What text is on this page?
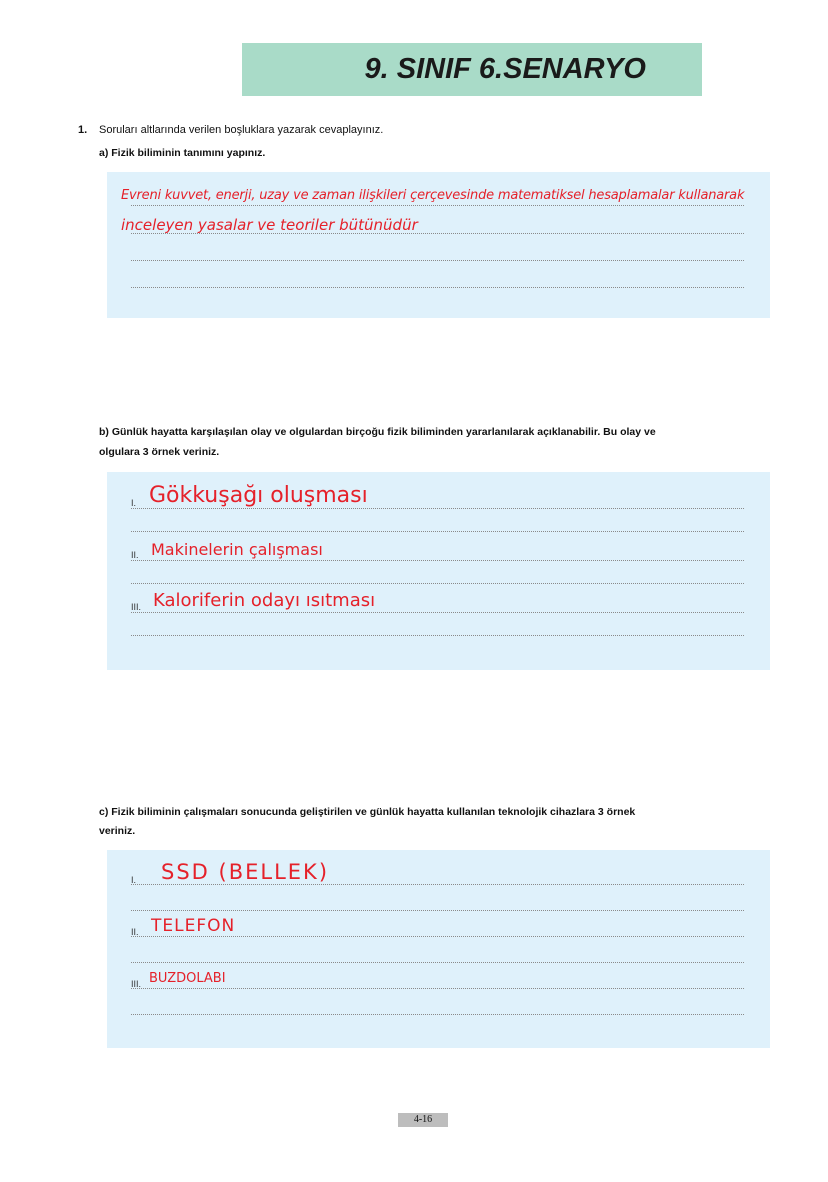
9. SINIF 6.SENARYO
1. Soruları altlarında verilen boşluklara yazarak cevaplayınız.
a) Fizik biliminin tanımını yapınız.
Evreni kuvvet, enerji, uzay ve zaman ilişkileri çerçevesinde matematiksel hesaplamalar kullanarak
inceleyen yasalar ve teoriler bütünüdür
b) Günlük hayatta karşılaşılan olay ve olgulardan birçoğu fizik biliminden yararlanılarak açıklanabilir. Bu olay ve
olgulara 3 örnek veriniz.
I. Gökkuşağı oluşması
II. Makinelerin çalışması
III. Kaloriferin odayı ısıtması
c) Fizik biliminin çalışmaları sonucunda geliştirilen ve günlük hayatta kullanılan teknolojik cihazlara 3 örnek
veriniz.
I. SSD (BELLEK)
II. TELEFON
III. BUZDOLABI
4-16
